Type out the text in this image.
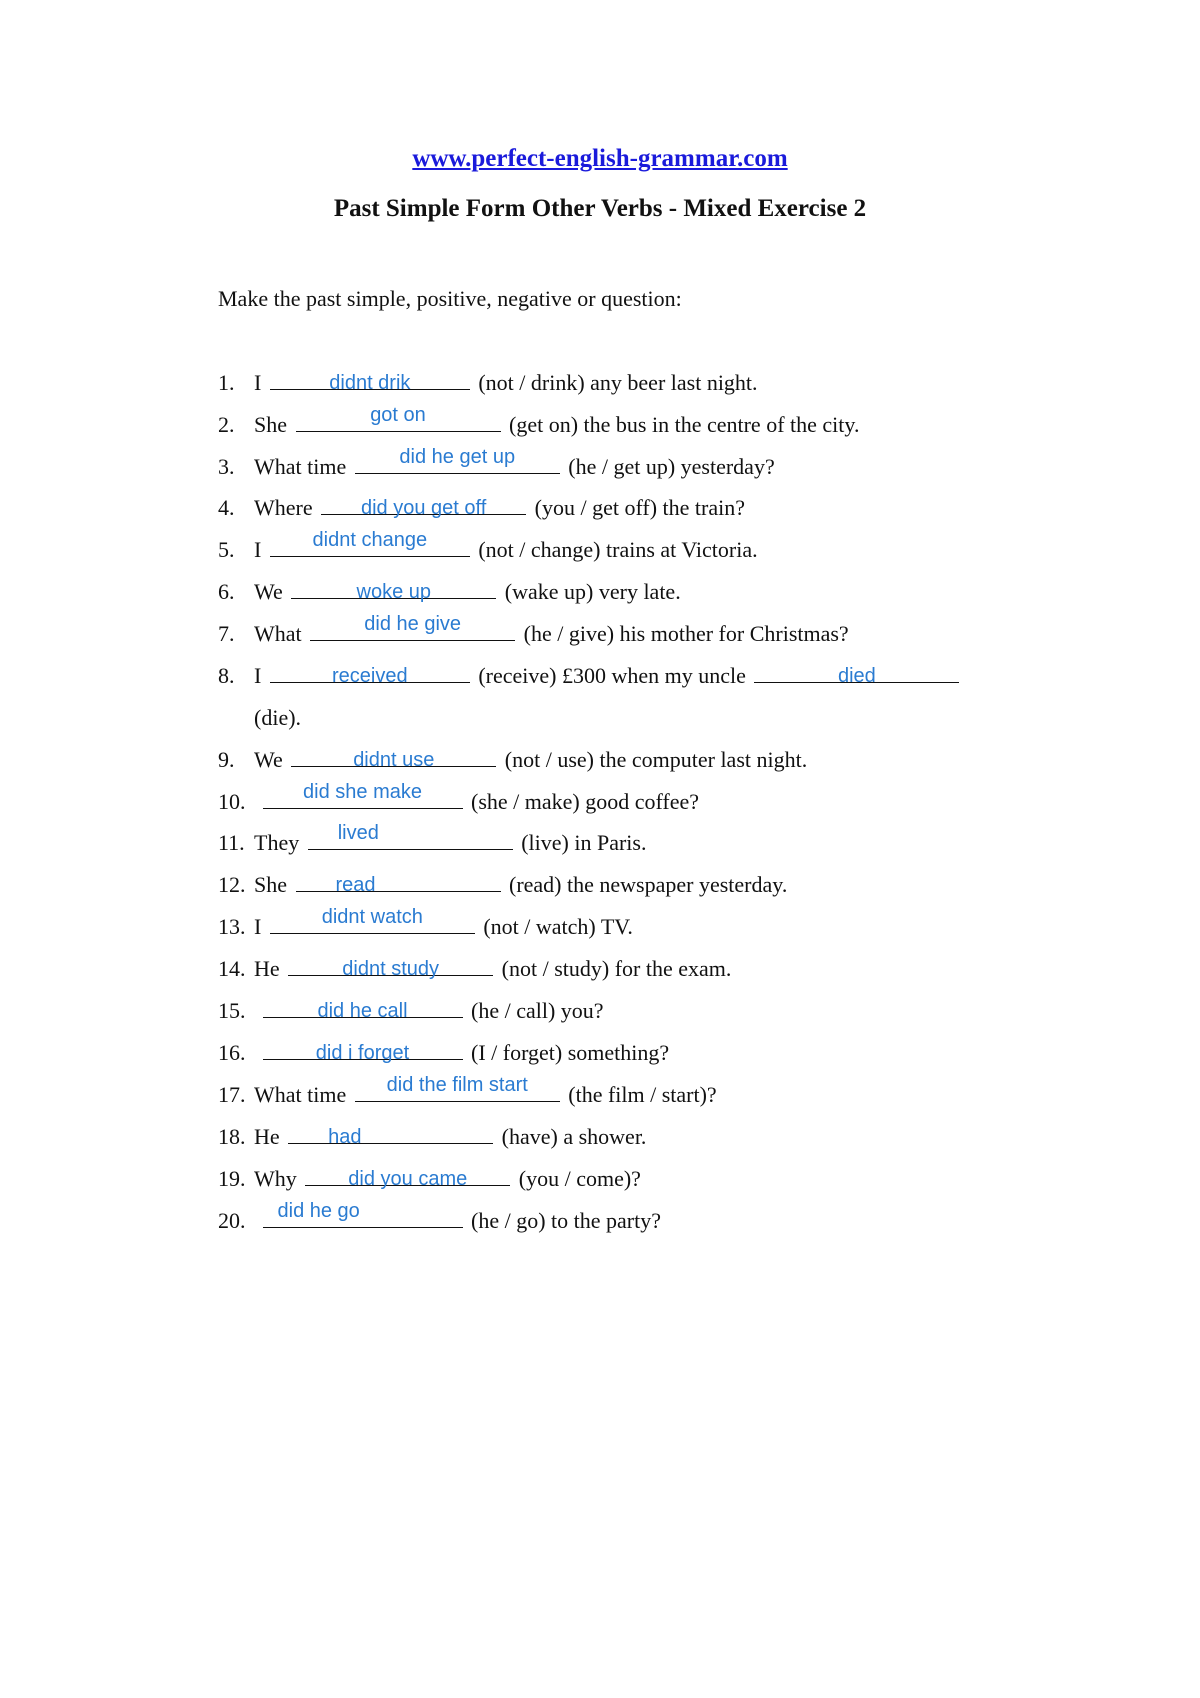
www.perfect-english-grammar.com
Past Simple Form Other Verbs - Mixed Exercise 2
Make the past simple, positive, negative or question:
1. I	didnt drik	(not / drink) any beer last night.
2. She	got on	(get on) the bus in the centre of the city.
3. What time	did he get up	(he / get up) yesterday?
4. Where	did you get off	(you / get off) the train?
5. I	didnt change	(not / change) trains at Victoria.
6. We	woke up	(wake up) very late.
7. What	did he give	(he / give) his mother for Christmas?
8. I	received	(receive) £300 when my uncle	died
(die).
9. We	didnt use	(not / use) the computer last night.
10.	did she make	(she / make) good coffee?
11. They lived	(live) in Paris.
12. She read	(read) the newspaper yesterday.
13. I	didnt watch	(not / watch) TV.
14. He	didnt study	(not / study) for the exam.
15.	did he call	(he / call) you?
16.	did i forget	(I / forget) something?
17. What time	did the film start	(the film / start)?
18. He had	(have) a shower.
19. Why	did you came	(you / come)?
20. did he go	(he / go) to the party?
